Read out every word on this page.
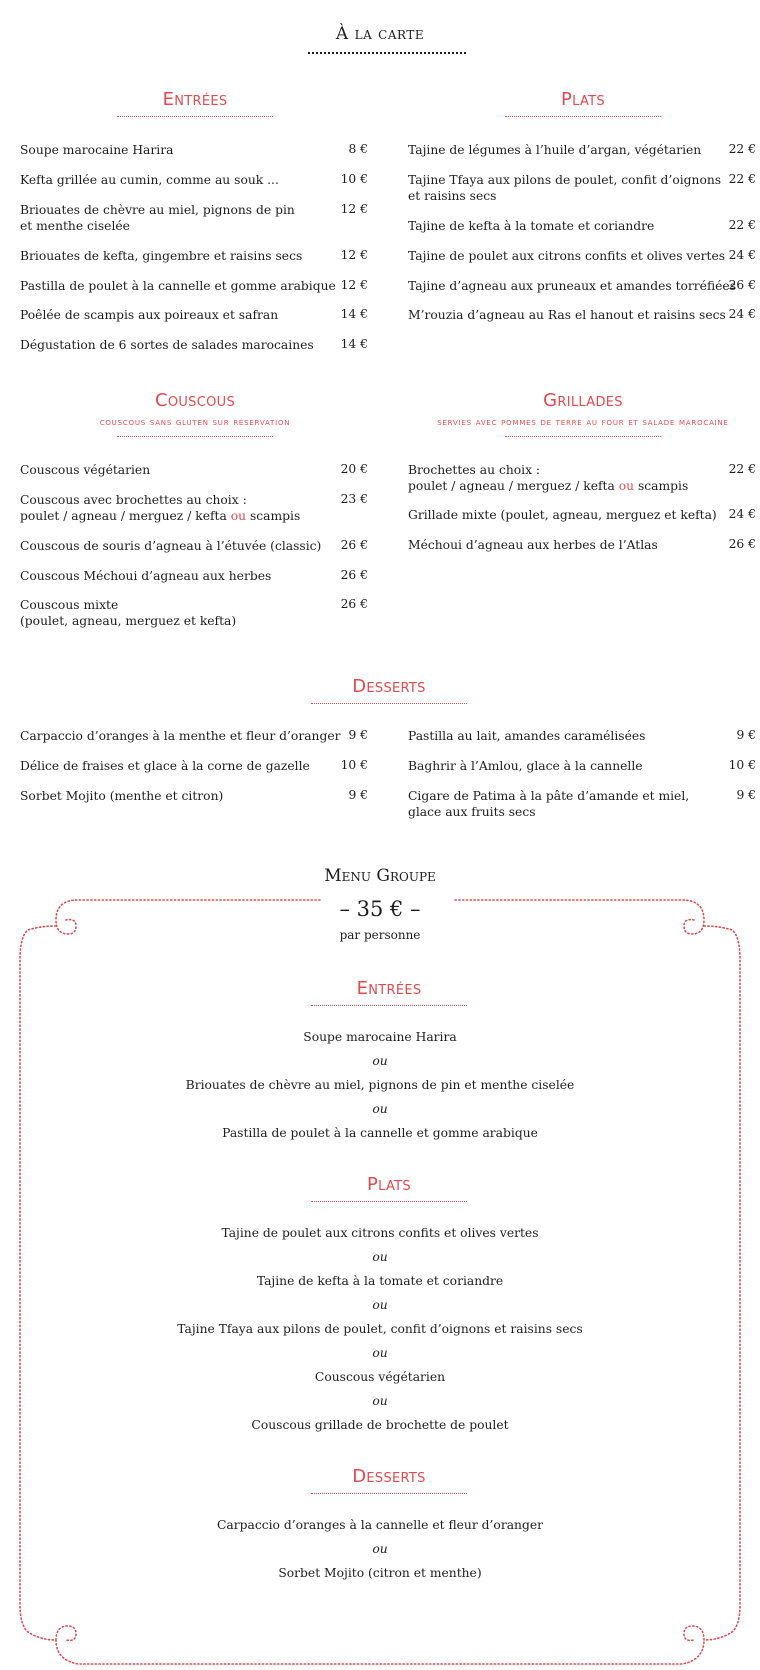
À la carte
Entrées
Soupe marocaine Harira	8 €
Kefta grillée au cumin, comme au souk ...	10 €
Briouates de chèvre au miel, pignons de pin
et menthe ciselée
12 €
Briouates de kefta, gingembre et raisins secs	12 €
Pastilla de poulet à la cannelle et gomme arabique 12 €
Poêlée de scampis aux poireaux et safran	14 €
Dégustation de 6 sortes de salades marocaines	14 €
Plats
Tajine de légumes à l’huile d’argan, végétarien	22 €
Tajine Tfaya aux pilons de poulet, confit d’oignons
et raisins secs
22 €
Tajine de kefta à la tomate et coriandre	22 €
Tajine de poulet aux citrons confits et olives vertes 24 €
Tajine d’agneau aux pruneaux et amandes torréfiées
26 €
M’rouzia d’agneau au Ras el hanout et raisins secs 24 €
Couscous
couscous sans gluten sur réservation
Couscous végétarien	20 €
Couscous avec brochettes au choix :
poulet / agneau / merguez / kefta ou scampis
23 €
Couscous de souris d’agneau à l’étuvée (classic)	26 €
Couscous Méchoui d’agneau aux herbes	26 €
Couscous mixte
(poulet, agneau, merguez et kefta)
26 €
Grillades
servies avec pommes de terre au four et salade marocaine
Brochettes au choix :
poulet / agneau / merguez / kefta ou scampis
22 €
Grillade mixte (poulet, agneau, merguez et kefta) 24 €
Méchoui d’agneau aux herbes de l’Atlas	26 €
Desserts
Carpaccio d’oranges à la menthe et fleur d’oranger 9 €
Délice de fraises et glace à la corne de gazelle	10 €
Sorbet Mojito (menthe et citron)	9 €
Pastilla au lait, amandes caramélisées	9 €
Baghrir à l’Amlou, glace à la cannelle	10 €
Cigare de Patima à la pâte d’amande et miel,
glace aux fruits secs
9 €
Menu Groupe
– 35 € –
par personne
Entrées
Soupe marocaine Harira
ou
Briouates de chèvre au miel, pignons de pin et menthe ciselée
ou
Pastilla de poulet à la cannelle et gomme arabique
Plats
Tajine de poulet aux citrons confits et olives vertes
ou
Tajine de kefta à la tomate et coriandre
ou
Tajine Tfaya aux pilons de poulet, confit d’oignons et raisins secs
ou
Couscous végétarien
ou
Couscous grillade de brochette de poulet
Desserts
Carpaccio d’oranges à la cannelle et fleur d’oranger
ou
Sorbet Mojito (citron et menthe)
